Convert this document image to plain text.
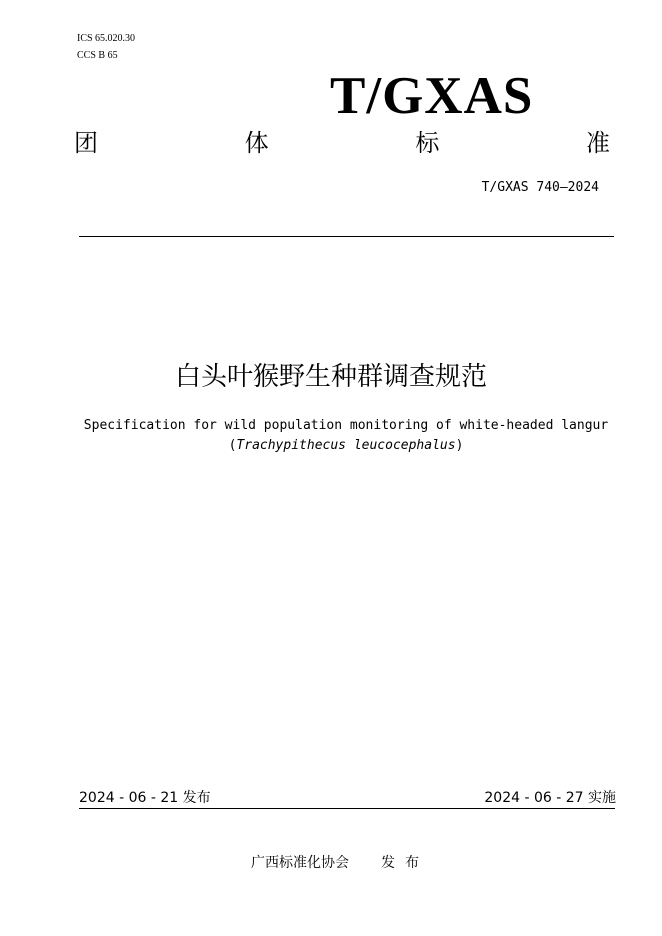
ICS 65.020.30
CCS B 65
T/GXAS
团	体	标	准
T/GXAS 740—2024
白头叶猴野生种群调查规范
Specification for wild population monitoring of white-headed langur
(Trachypithecus leucocephalus)
2024 - 06 - 21 发布	2024 - 06 - 27 实施
广西标准化协会 发布
